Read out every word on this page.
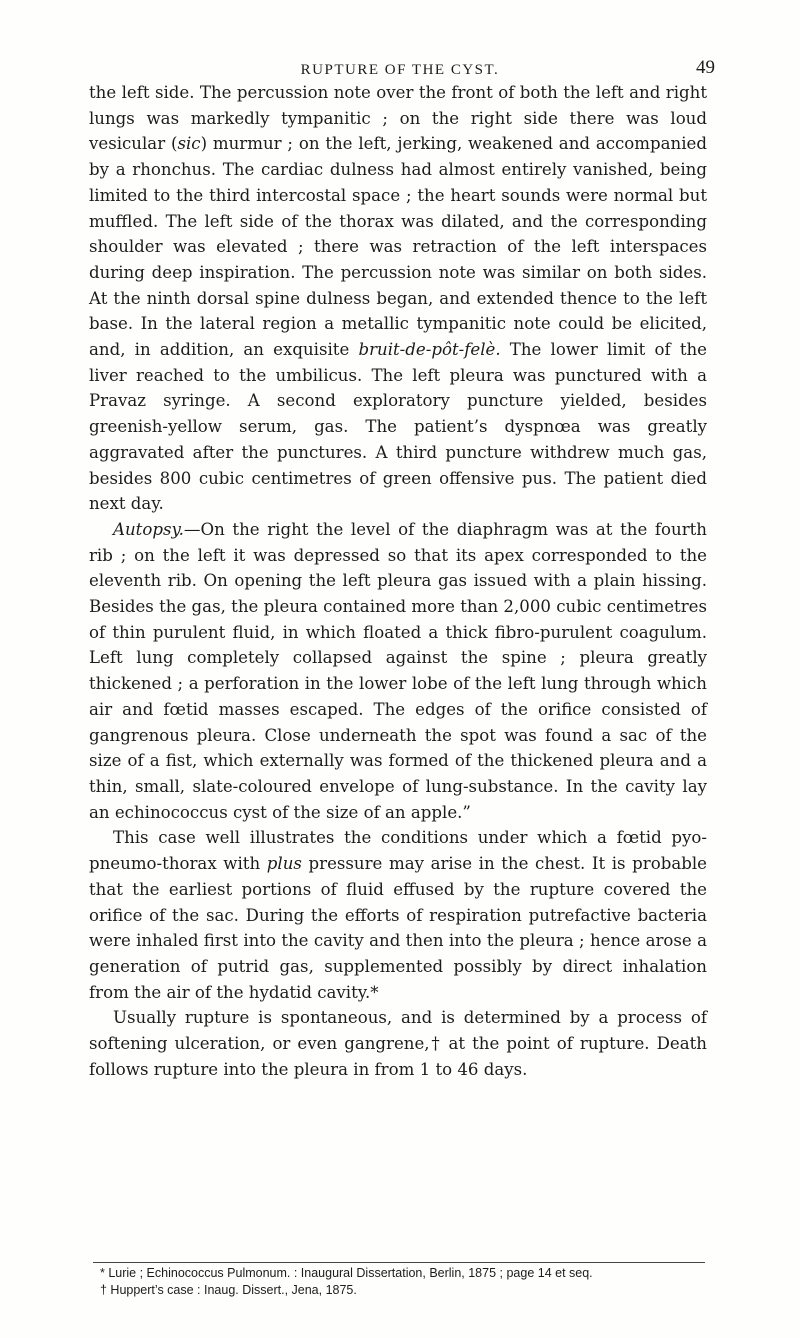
RUPTURE OF THE CYST.	49

the left side. The percussion note over the front of both the left and right lungs was markedly tympanitic ; on the right side there was loud vesicular (sic) murmur ; on the left, jerking, weakened and accompanied by a rhonchus. The cardiac dulness had almost entirely vanished, being limited to the third intercostal space ; the heart sounds were normal but muffled. The left side of the thorax was dilated, and the corresponding shoulder was elevated ; there was retraction of the left interspaces during deep inspiration. The percussion note was similar on both sides. At the ninth dorsal spine dulness began, and extended thence to the left base. In the lateral region a metallic tympanitic note could be elicited, and, in addition, an exquisite bruit-de-pôt-felè. The lower limit of the liver reached to the umbilicus. The left pleura was punctured with a Pravaz syringe. A second exploratory puncture yielded, besides greenish-yellow serum, gas. The patient’s dyspnœa was greatly aggravated after the punctures. A third puncture withdrew much gas, besides 800 cubic centimetres of green offensive pus. The patient died next day.

Autopsy.—On the right the level of the diaphragm was at the fourth rib ; on the left it was depressed so that its apex corresponded to the eleventh rib. On opening the left pleura gas issued with a plain hissing. Besides the gas, the pleura contained more than 2,000 cubic centimetres of thin purulent fluid, in which floated a thick fibro-purulent coagulum. Left lung completely collapsed against the spine ; pleura greatly thickened ; a perforation in the lower lobe of the left lung through which air and fœtid masses escaped. The edges of the orifice consisted of gangrenous pleura. Close underneath the spot was found a sac of the size of a fist, which externally was formed of the thickened pleura and a thin, small, slate-coloured envelope of lung-substance. In the cavity lay an echinococcus cyst of the size of an apple.”

This case well illustrates the conditions under which a fœtid pyo-pneumo-thorax with plus pressure may arise in the chest. It is probable that the earliest portions of fluid effused by the rupture covered the orifice of the sac. During the efforts of respiration putrefactive bacteria were inhaled first into the cavity and then into the pleura ; hence arose a generation of putrid gas, supplemented possibly by direct inhalation from the air of the hydatid cavity.*

Usually rupture is spontaneous, and is determined by a process of softening ulceration, or even gangrene,† at the point of rupture. Death follows rupture into the pleura in from 1 to 46 days.

* Lurie ; Echinococcus Pulmonum. : Inaugural Dissertation, Berlin, 1875 ; page 14 et seq.
† Huppert’s case : Inaug. Dissert., Jena, 1875.
